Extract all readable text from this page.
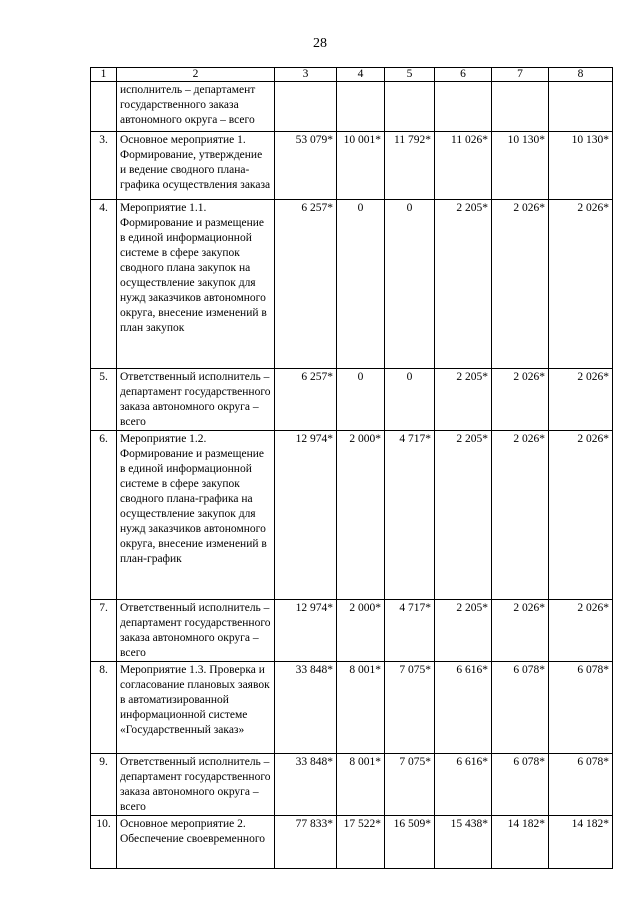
28
1	2	3	4	5	6	7	8
	исполнитель – департамент государственного заказа автономного округа – всего						
3.	Основное мероприятие 1. Формирование, утверждение и ведение сводного плана-графика осуществления заказа	53 079*	10 001*	11 792*	11 026*	10 130*	10 130*
4.	Мероприятие 1.1. Формирование и размещение в единой информационной системе в сфере закупок сводного плана закупок на осуществление закупок для нужд заказчиков автономного округа, внесение изменений в план закупок	6 257*	0	0	2 205*	2 026*	2 026*
5.	Ответственный исполнитель – департамент государственного заказа автономного округа – всего	6 257*	0	0	2 205*	2 026*	2 026*
6.	Мероприятие 1.2. Формирование и размещение в единой информационной системе в сфере закупок сводного плана-графика на осуществление закупок для нужд заказчиков автономного округа, внесение изменений в план-график	12 974*	2 000*	4 717*	2 205*	2 026*	2 026*
7.	Ответственный исполнитель – департамент государственного заказа автономного округа – всего	12 974*	2 000*	4 717*	2 205*	2 026*	2 026*
8.	Мероприятие 1.3. Проверка и согласование плановых заявок в автоматизированной информационной системе «Государственный заказ»	33 848*	8 001*	7 075*	6 616*	6 078*	6 078*
9.	Ответственный исполнитель – департамент государственного заказа автономного округа – всего	33 848*	8 001*	7 075*	6 616*	6 078*	6 078*
10.	Основное мероприятие 2. Обеспечение своевременного	77 833*	17 522*	16 509*	15 438*	14 182*	14 182*
